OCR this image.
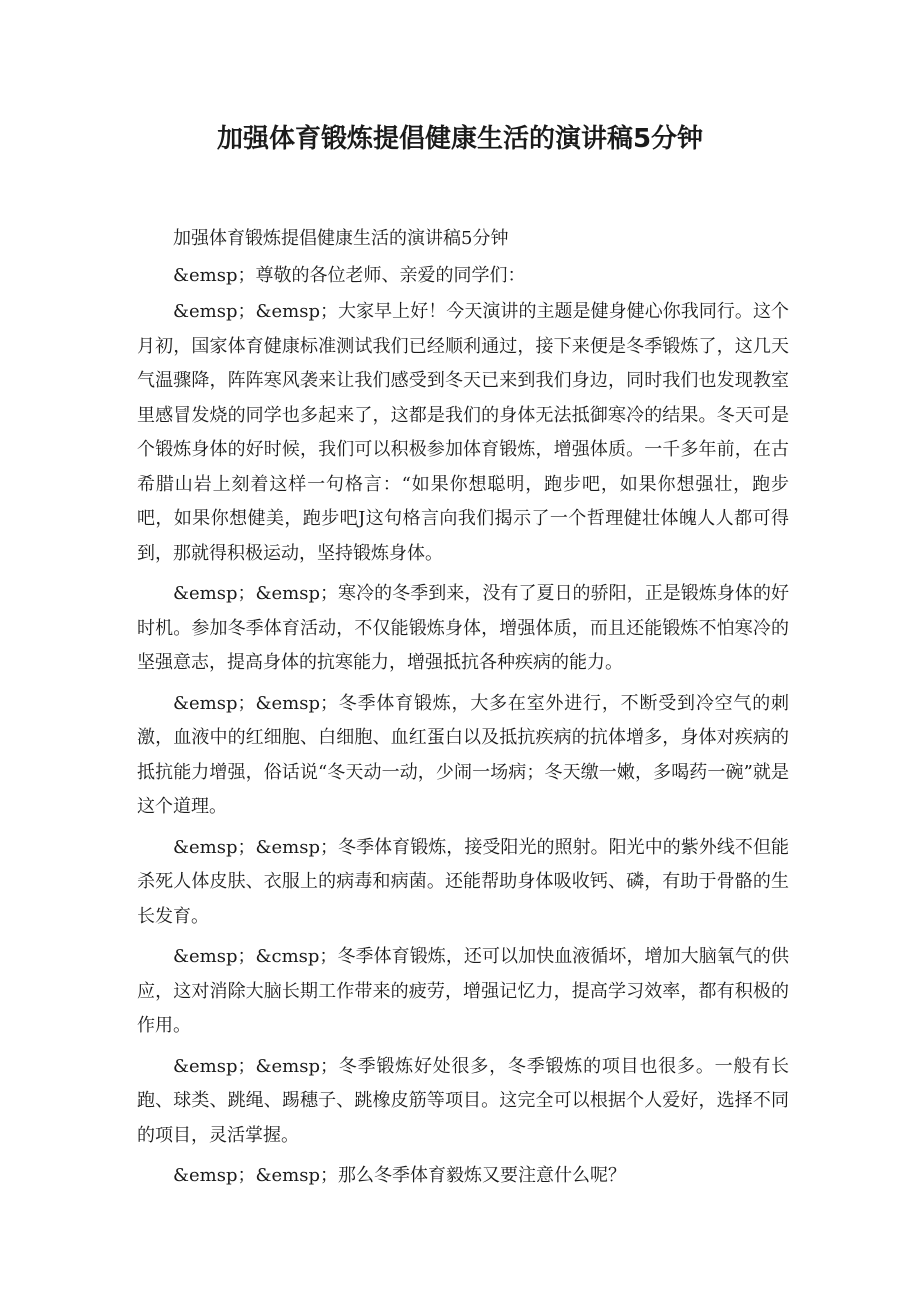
加强体育锻炼提倡健康生活的演讲稿5分钟

加强体育锻炼提倡健康生活的演讲稿5分钟

&emsp；尊敬的各位老师、亲爱的同学们：

&emsp；&emsp；大家早上好！今天演讲的主题是健身健心你我同行。这个月初，国家体育健康标准测试我们已经顺利通过，接下来便是冬季锻炼了，这几天气温骤降，阵阵寒风袭来让我们感受到冬天已来到我们身边，同时我们也发现教室里感冒发烧的同学也多起来了，这都是我们的身体无法抵御寒冷的结果。冬天可是个锻炼身体的好时候，我们可以积极参加体育锻炼，增强体质。一千多年前，在古希腊山岩上刻着这样一句格言：“如果你想聪明，跑步吧，如果你想强壮，跑步吧，如果你想健美，跑步吧J这句格言向我们揭示了一个哲理健壮体魄人人都可得到，那就得积极运动，坚持锻炼身体。

&emsp；&emsp；寒冷的冬季到来，没有了夏日的骄阳，正是锻炼身体的好时机。参加冬季体育活动，不仅能锻炼身体，增强体质，而且还能锻炼不怕寒冷的坚强意志，提高身体的抗寒能力，增强抵抗各种疾病的能力。

&emsp；&emsp；冬季体育锻炼，大多在室外进行，不断受到冷空气的刺激，血液中的红细胞、白细胞、血红蛋白以及抵抗疾病的抗体增多，身体对疾病的抵抗能力增强，俗话说“冬天动一动，少闹一场病；冬天缴一嫩，多喝药一碗”就是这个道理。

&emsp；&emsp；冬季体育锻炼，接受阳光的照射。阳光中的紫外线不但能杀死人体皮肤、衣服上的病毒和病菌。还能帮助身体吸收钙、磷，有助于骨骼的生长发育。

&emsp；&cmsp；冬季体育锻炼，还可以加快血液循坏，增加大脑氧气的供应，这对消除大脑长期工作带来的疲劳，增强记忆力，提高学习效率，都有积极的作用。

&emsp；&emsp；冬季锻炼好处很多，冬季锻炼的项目也很多。一般有长跑、球类、跳绳、踢穗子、跳橡皮筋等项目。这完全可以根据个人爱好，选择不同的项目，灵活掌握。

&emsp；&emsp；那么冬季体育毅炼又要注意什么呢？
